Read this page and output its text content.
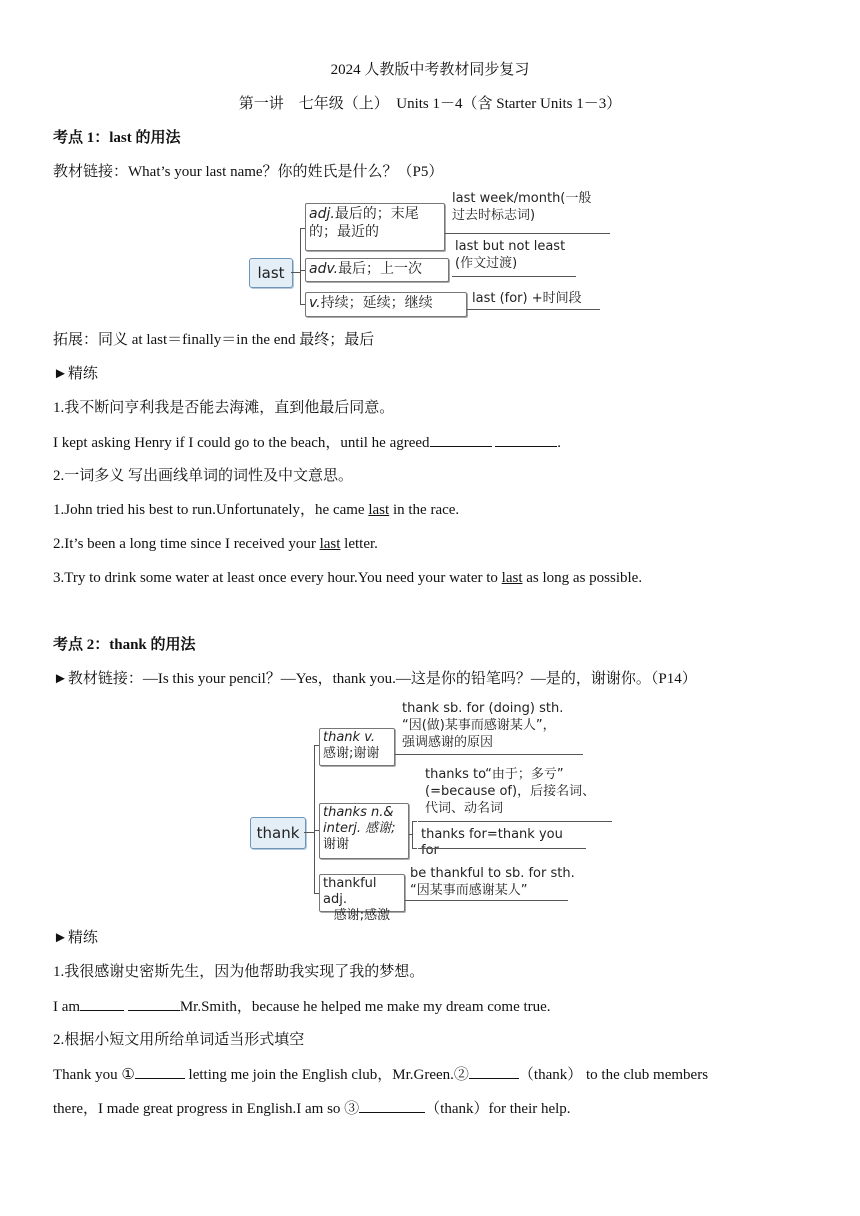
2024 人教版中考教材同步复习
第一讲　七年级（上）　Units 1－4（含 Starter Units 1－3）
考点 1：last 的用法
教材链接：What’s your last name？你的姓氏是什么？（P5）
last
adj.最后的；末尾的；最近的
last week/month(一般
过去时标志词)
last but not least
(作文过渡)
adv.最后；上一次
v.持续；延续；继续	last (for) +时间段
拓展：同义 at last＝finally＝in the end 最终；最后
►精练
1.我不断问亨利我是否能去海滩，直到他最后同意。
I kept asking Henry if I could go to the beach，until he agreed	.
2.一词多义 写出画线单词的词性及中文意思。
1.John tried his best to run.Unfortunately，he came last in the race.
2.It’s been a long time since I received your last letter.
3.Try to drink some water at least once every hour.You need your water to last as long as possible.
考点 2：thank 的用法
►教材链接：—Is this your pencil？—Yes，thank you.—这是你的铅笔吗？—是的，谢谢你。（P14）
thank
thank v.
感谢;谢谢
thank sb. for (doing) sth.
“因(做)某事而感谢某人”，
强调感谢的原因
thanks n.&
interj. 感谢;
谢谢
thanks to“由于；多亏”
(=because of)，后接名词、
代词、动名词
thanks for=thank you for
thankful adj.
感谢;感激
be thankful to sb. for sth.
“因某事而感谢某人”
►精练
1.我很感谢史密斯先生，因为他帮助我实现了我的梦想。
I am	Mr.Smith，because he helped me make my dream come true.
2.根据小短文用所给单词适当形式填空
Thank you ①	letting me join the English club，Mr.Green.②	（thank） to the club members
there，I made great progress in English.I am so ③	（thank）for their help.
